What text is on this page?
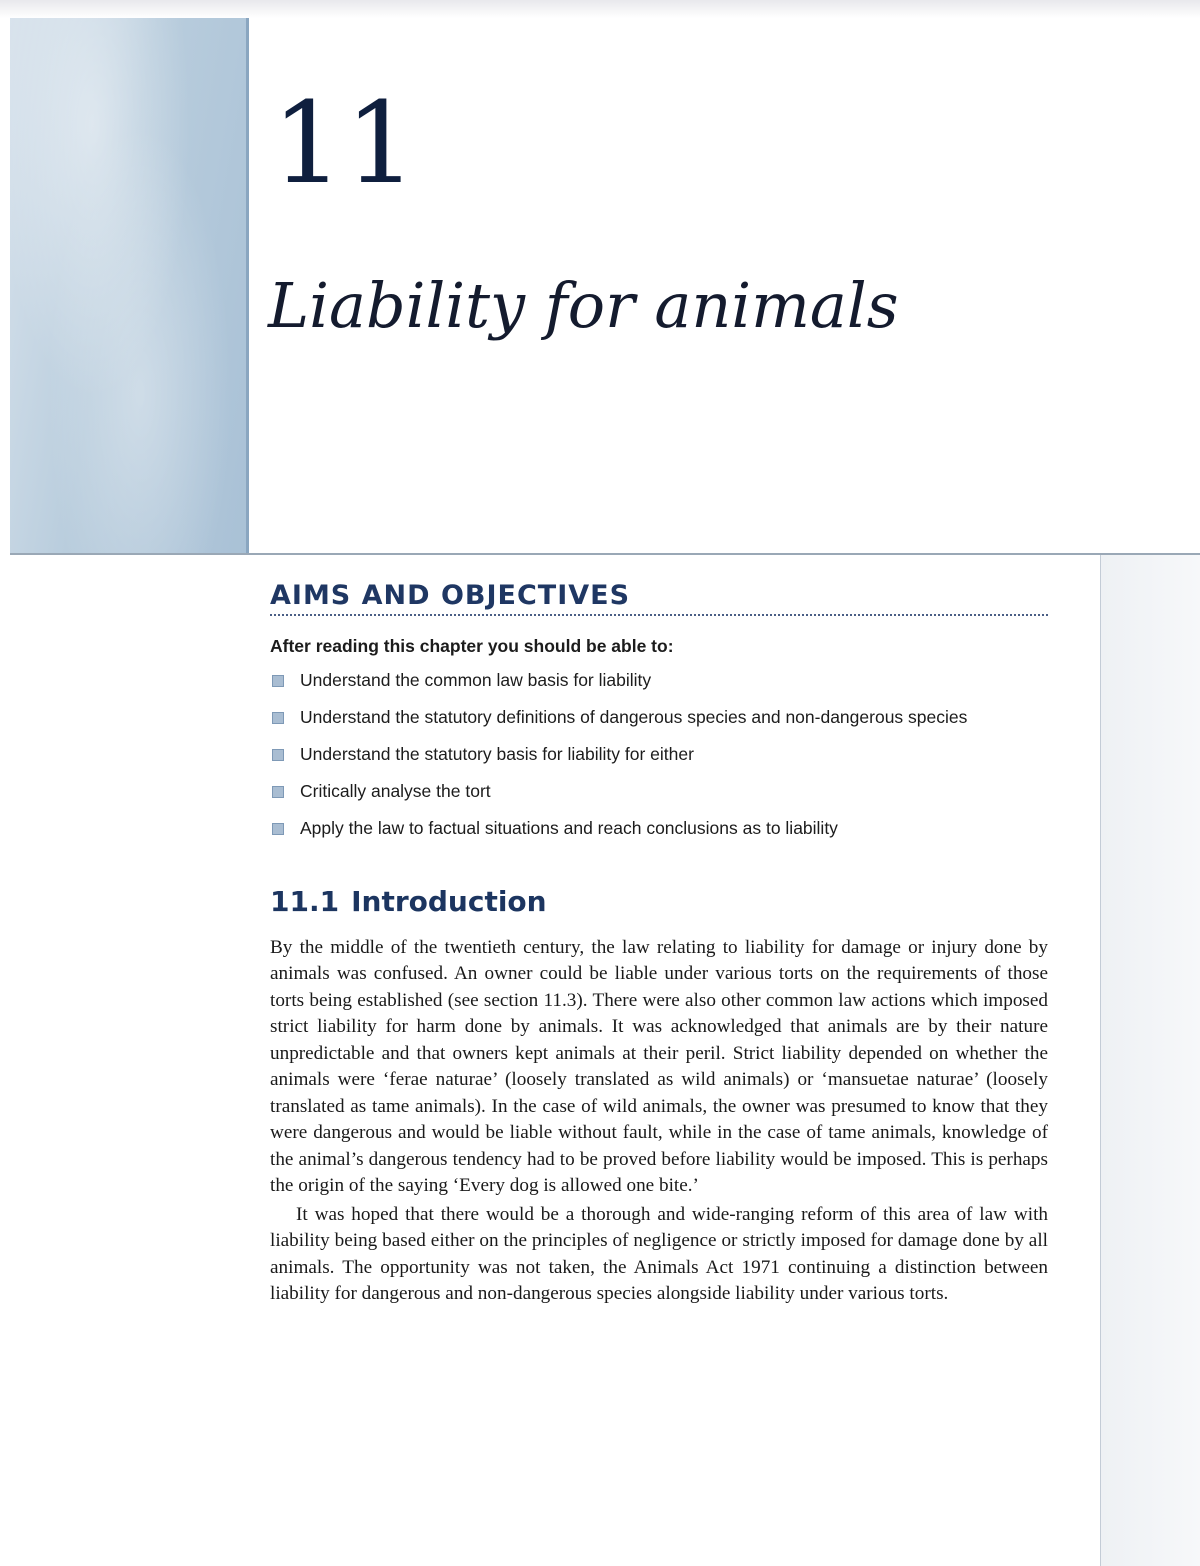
11
Liability for animals
AIMS AND OBJECTIVES

After reading this chapter you should be able to:

Understand the common law basis for liability
Understand the statutory definitions of dangerous species and non-dangerous species
Understand the statutory basis for liability for either
Critically analyse the tort
Apply the law to factual situations and reach conclusions as to liability
11.1 Introduction

By the middle of the twentieth century, the law relating to liability for damage or injury done by animals was confused. An owner could be liable under various torts on the requirements of those torts being established (see section 11.3). There were also other common law actions which imposed strict liability for harm done by animals. It was acknowledged that animals are by their nature unpredictable and that owners kept animals at their peril. Strict liability depended on whether the animals were ‘ferae naturae’ (loosely translated as wild animals) or ‘mansuetae naturae’ (loosely translated as tame animals). In the case of wild animals, the owner was presumed to know that they were dangerous and would be liable without fault, while in the case of tame animals, knowledge of the animal’s dangerous tendency had to be proved before liability would be imposed. This is perhaps the origin of the saying ‘Every dog is allowed one bite.’

It was hoped that there would be a thorough and wide-ranging reform of this area of law with liability being based either on the principles of negligence or strictly imposed for damage done by all animals. The opportunity was not taken, the Animals Act 1971 continuing a distinction between liability for dangerous and non-dangerous species alongside liability under various torts.
